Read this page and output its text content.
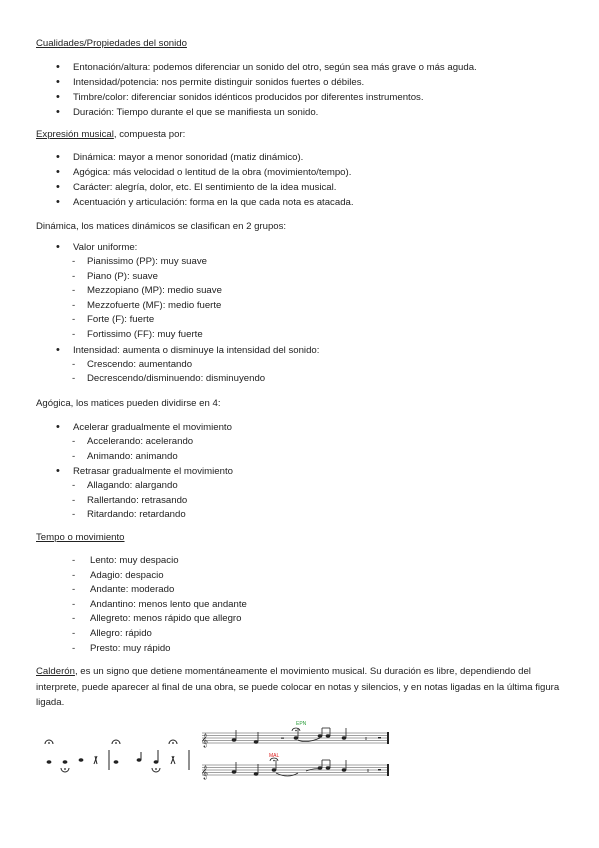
Cualidades/Propiedades del sonido

• Entonación/altura: podemos diferenciar un sonido del otro, según sea más grave o más aguda.
• Intensidad/potencia: nos permite distinguir sonidos fuertes o débiles.
• Timbre/color: diferenciar sonidos idénticos producidos por diferentes instrumentos.
• Duración: Tiempo durante el que se manifiesta un sonido.

Expresión musical, compuesta por:

• Dinámica: mayor a menor sonoridad (matiz dinámico).
• Agógica: más velocidad o lentitud de la obra (movimiento/tempo).
• Carácter: alegría, dolor, etc. El sentimiento de la idea musical.
• Acentuación y articulación: forma en la que cada nota es atacada.

Dinámica, los matices dinámicos se clasifican en 2 grupos:

• Valor uniforme:
- Pianissimo (PP): muy suave
- Piano (P): suave
- Mezzopiano (MP): medio suave
- Mezzofuerte (MF): medio fuerte
- Forte (F): fuerte
- Fortissimo (FF): muy fuerte
• Intensidad: aumenta o disminuye la intensidad del sonido:
- Crescendo: aumentando
- Decrescendo/disminuendo: disminuyendo

Agógica, los matices pueden dividirse en 4:

• Acelerar gradualmente el movimiento
- Accelerando: acelerando
- Animando: animando
• Retrasar gradualmente el movimiento
- Allagando: alargando
- Rallertando: retrasando
- Ritardando: retardando

Tempo o movimiento

- Lento: muy despacio
- Adagio: despacio
- Andante: moderado
- Andantino: menos lento que andante
- Allegreto: menos rápido que allegro
- Allegro: rápido
- Presto: muy rápido

Calderón, es un signo que detiene momentáneamente el movimiento musical. Su duración es libre, dependiendo del interprete, puede aparecer al final de una obra, se puede colocar en notas y silencios, y en notas ligadas en la última figura ligada.

EPN
MAL
𝄞
𝄞
